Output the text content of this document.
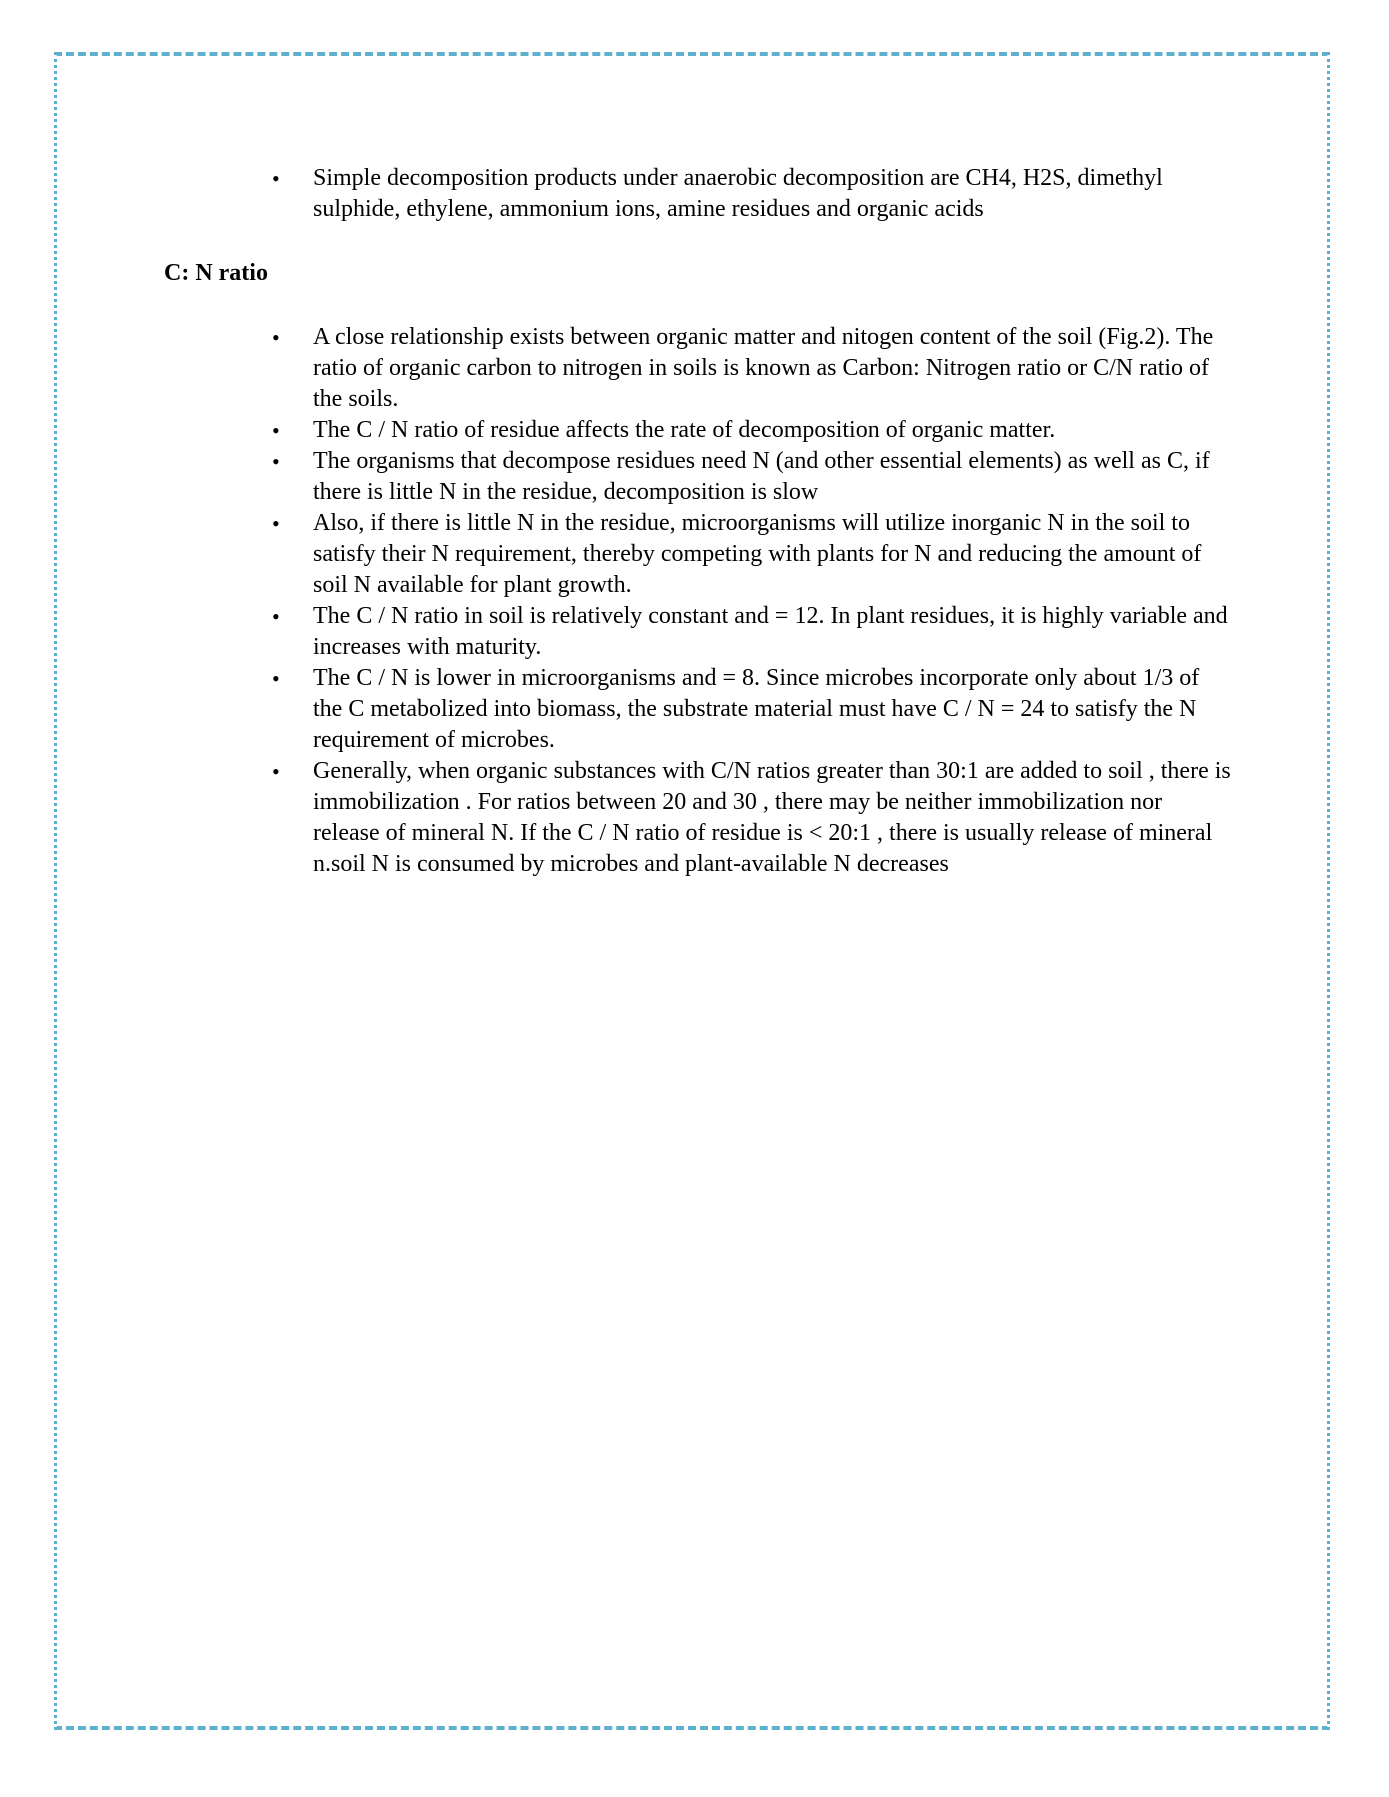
•	Simple decomposition products under anaerobic decomposition are CH4, H2S, dimethyl sulphide, ethylene, ammonium ions, amine residues and organic acids
C: N ratio
•	A close relationship exists between organic matter and nitogen content of the soil (Fig.2). The ratio of organic carbon to nitrogen in soils is known as Carbon: Nitrogen ratio or C/N ratio of the soils.
•	The C / N ratio of residue affects the rate of decomposition of organic matter.
•	The organisms that decompose residues need N (and other essential elements) as well as C, if there is little N in the residue, decomposition is slow
•	Also, if there is little N in the residue, microorganisms will utilize inorganic N in the soil to satisfy their N requirement, thereby competing with plants for N and reducing the amount of soil N available for plant growth.
•	The C / N ratio in soil is relatively constant and = 12. In plant residues, it is highly variable and increases with maturity.
•	The C / N is lower in microorganisms and = 8. Since microbes incorporate only about 1/3 of the C metabolized into biomass, the substrate material must have C / N = 24 to satisfy the N requirement of microbes.
•	Generally, when organic substances with C/N ratios greater than 30:1 are added to soil , there is immobilization . For ratios between 20 and 30 , there may be neither immobilization nor release of mineral N. If the C / N ratio of residue is < 20:1 , there is usually release of mineral n.soil N is consumed by microbes and plant-available N decreases
